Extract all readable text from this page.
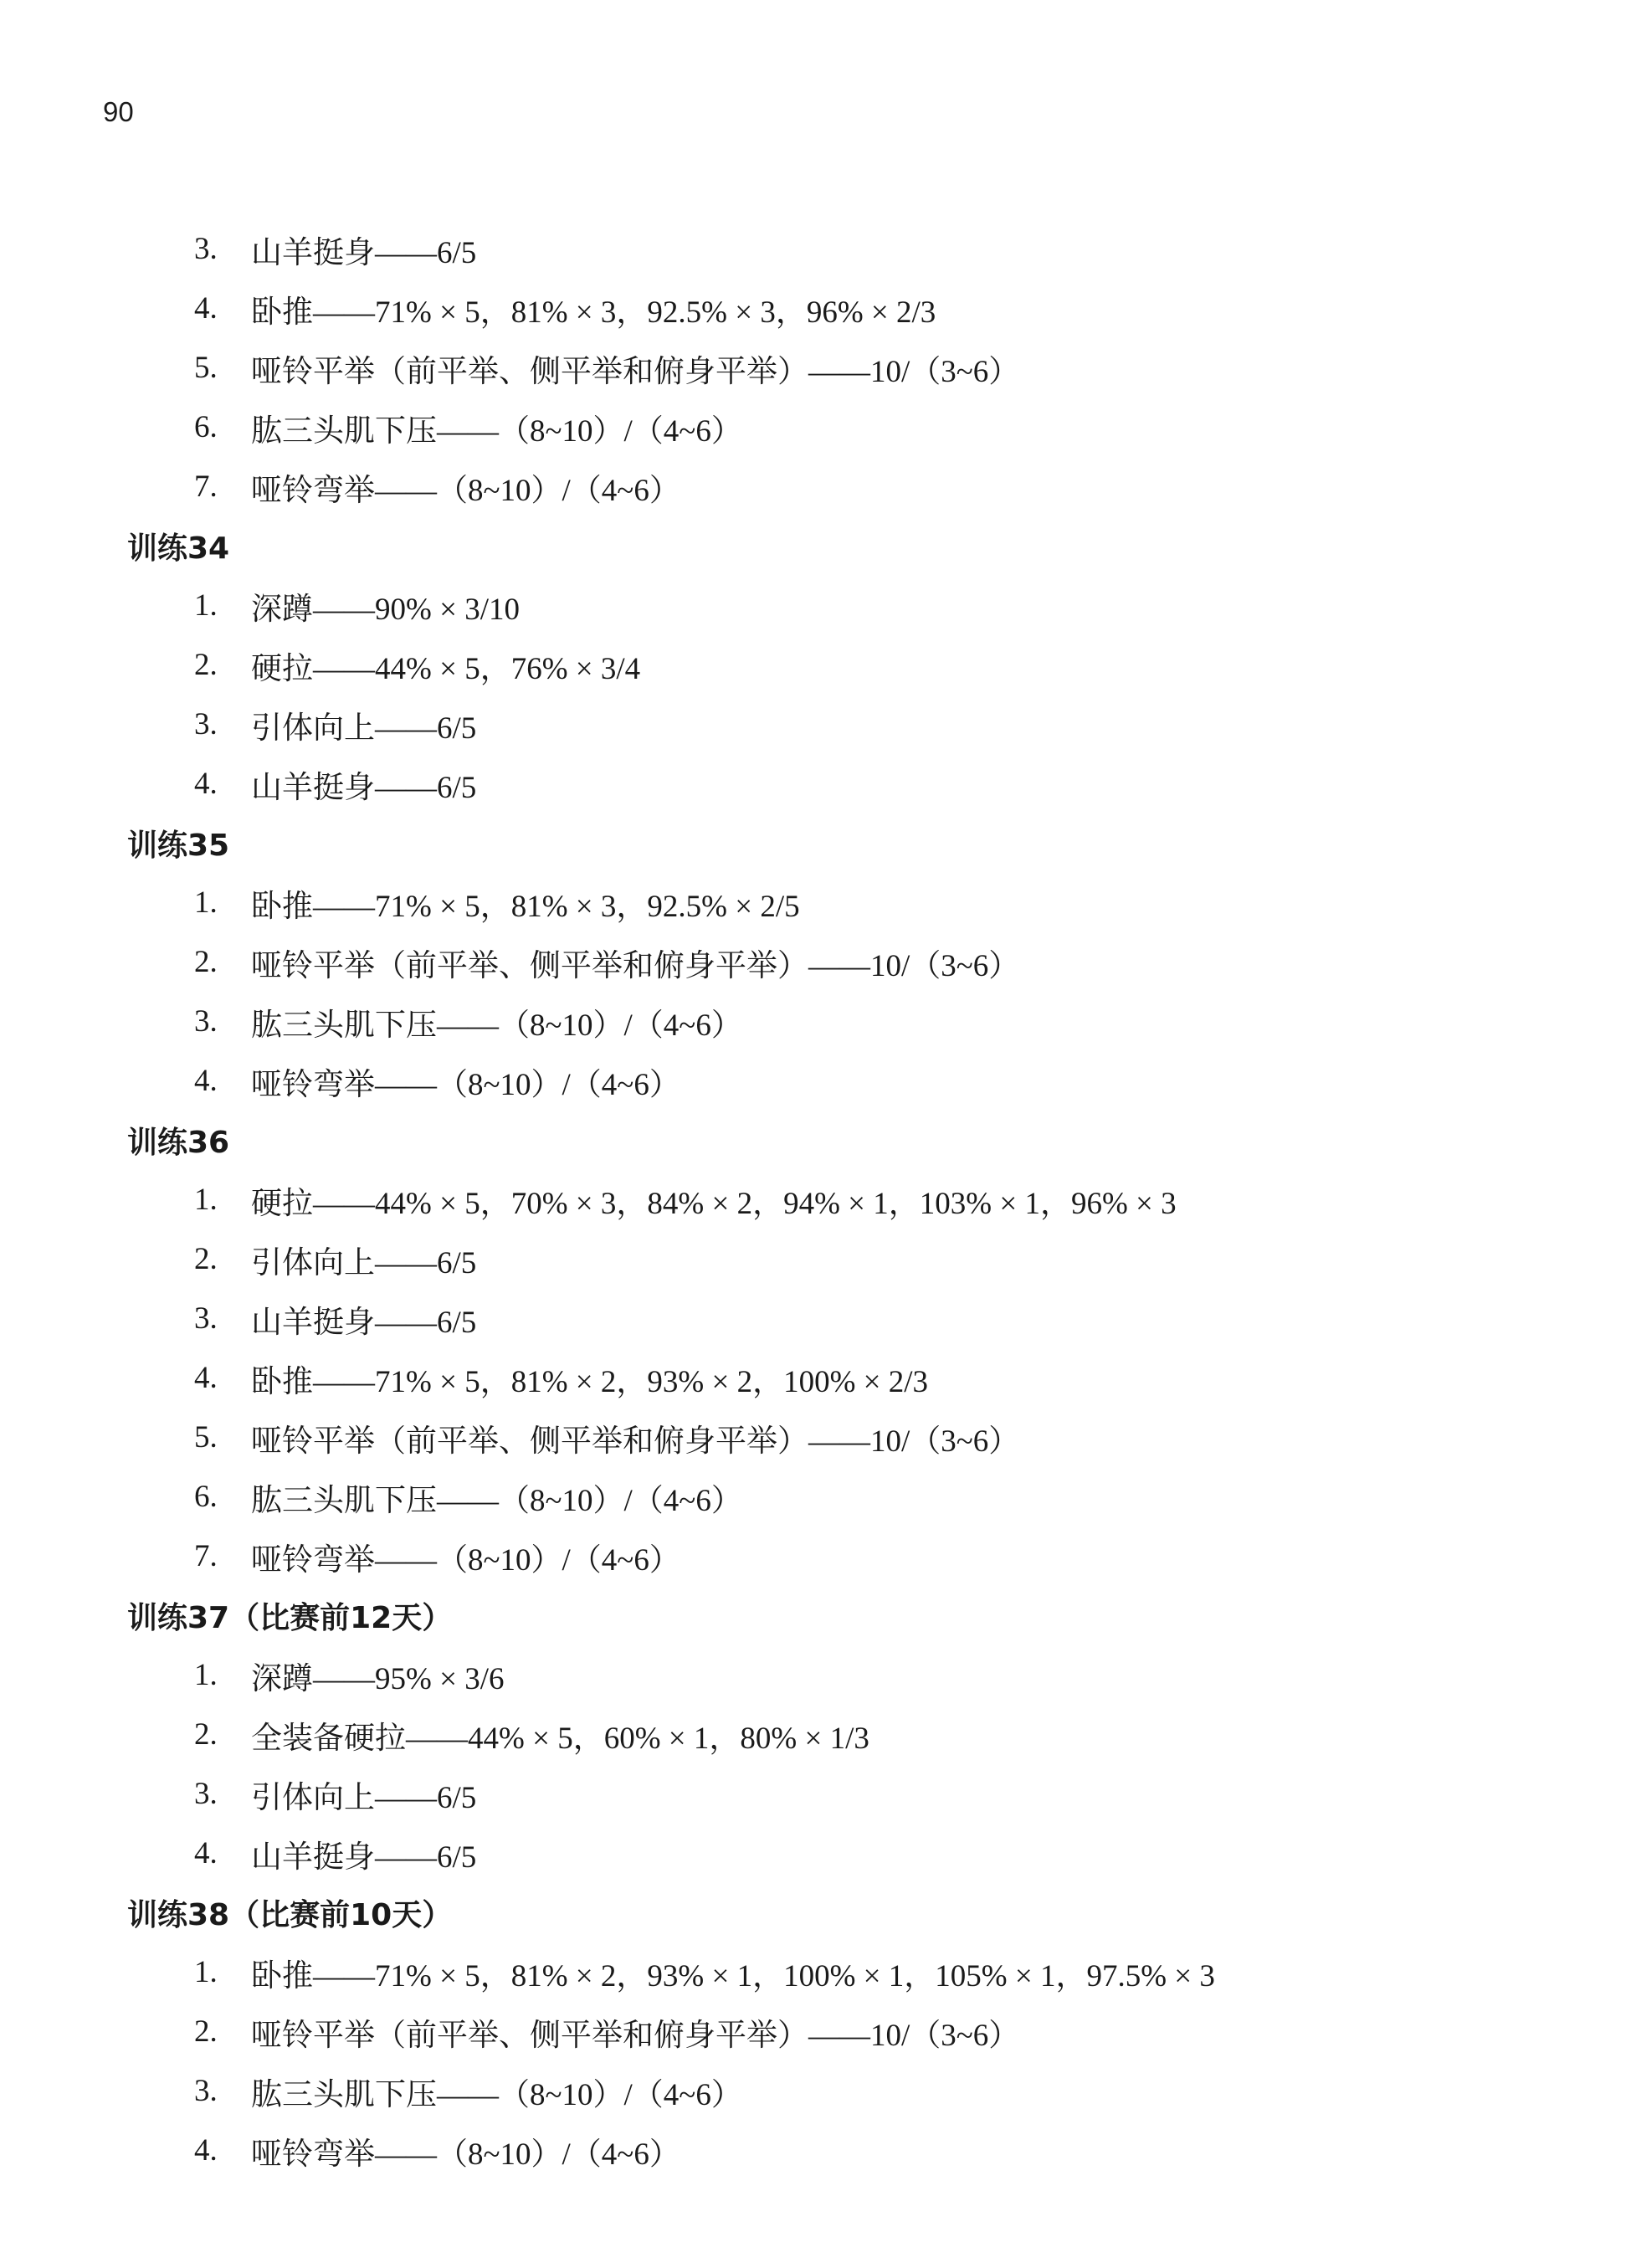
90
3.	山羊挺身——6/5
4.	卧推——71% × 5，81% × 3，92.5% × 3，96% × 2/3
5.	哑铃平举（前平举、侧平举和俯身平举）——10/（3~6）
6.	肱三头肌下压——（8~10）/（4~6）
7.	哑铃弯举——（8~10）/（4~6）
训练34
1.	深蹲——90% × 3/10
2.	硬拉——44% × 5，76% × 3/4
3.	引体向上——6/5
4.	山羊挺身——6/5
训练35
1.	卧推——71% × 5，81% × 3，92.5% × 2/5
2.	哑铃平举（前平举、侧平举和俯身平举）——10/（3~6）
3.	肱三头肌下压——（8~10）/（4~6）
4.	哑铃弯举——（8~10）/（4~6）
训练36
1.	硬拉——44% × 5，70% × 3，84% × 2，94% × 1，103% × 1，96% × 3
2.	引体向上——6/5
3.	山羊挺身——6/5
4.	卧推——71% × 5，81% × 2，93% × 2，100% × 2/3
5.	哑铃平举（前平举、侧平举和俯身平举）——10/（3~6）
6.	肱三头肌下压——（8~10）/（4~6）
7.	哑铃弯举——（8~10）/（4~6）
训练37（比赛前12天）
1.	深蹲——95% × 3/6
2.	全装备硬拉——44% × 5，60% × 1，80% × 1/3
3.	引体向上——6/5
4.	山羊挺身——6/5
训练38（比赛前10天）
1.	卧推——71% × 5，81% × 2，93% × 1，100% × 1，105% × 1，97.5% × 3
2.	哑铃平举（前平举、侧平举和俯身平举）——10/（3~6）
3.	肱三头肌下压——（8~10）/（4~6）
4.	哑铃弯举——（8~10）/（4~6）
